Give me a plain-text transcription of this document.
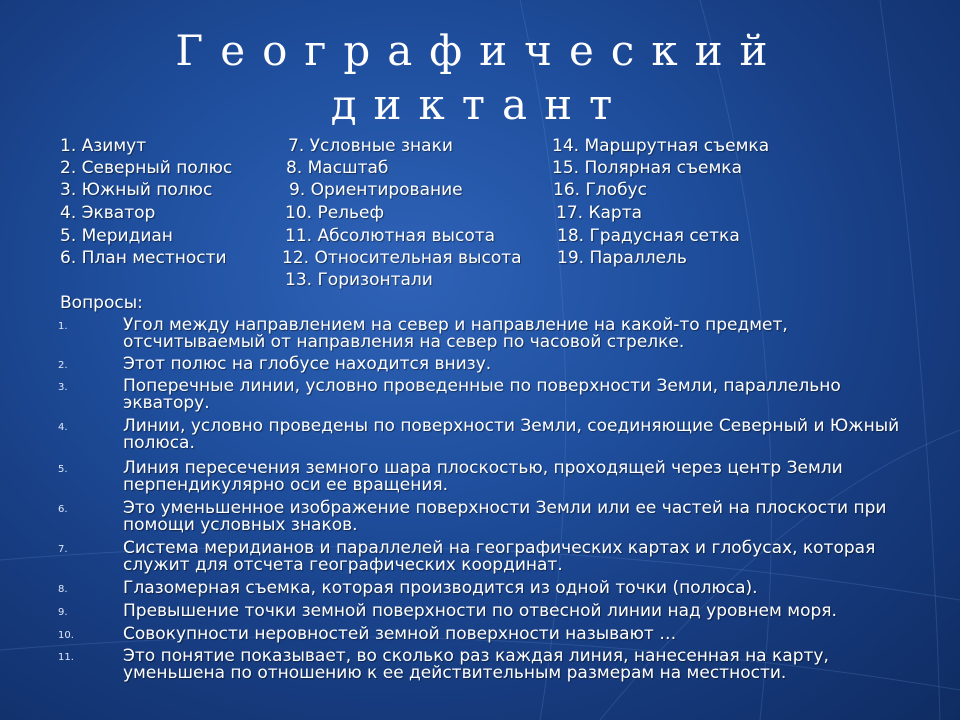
Географический
диктант
1. Азимут
2. Северный полюс
3. Южный полюс
4. Экватор
5. Меридиан
6. План местности
7. Условные знаки
8. Масштаб
9. Ориентирование
10. Рельеф
11. Абсолютная высота
12. Относительная высота
13. Горизонтали
14. Маршрутная съемка
15. Полярная съемка
16. Глобус
17. Карта
18. Градусная сетка
19. Параллель
Вопросы:
1.	Угол между направлением на север и направление на какой-то предмет, отсчитываемый от направления на север по часовой стрелке.
2.	Этот полюс на глобусе находится внизу.
3.	Поперечные линии, условно проведенные по поверхности Земли, параллельно экватору.
4.	Линии, условно проведены по поверхности Земли, соединяющие Северный и Южный полюса.
5.	Линия пересечения земного шара плоскостью, проходящей через центр Земли перпендикулярно оси ее вращения.
6.	Это уменьшенное изображение поверхности Земли или ее частей на плоскости при помощи условных знаков.
7.	Система меридианов и параллелей на географических картах и глобусах, которая служит для отсчета географических координат.
8.	Глазомерная съемка, которая производится из одной точки (полюса).
9.	Превышение точки земной поверхности по отвесной линии над уровнем моря.
10.	Совокупности неровностей земной поверхности называют …
11.	Это понятие показывает, во сколько раз каждая линия, нанесенная на карту, уменьшена по отношению к ее действительным размерам на местности.
